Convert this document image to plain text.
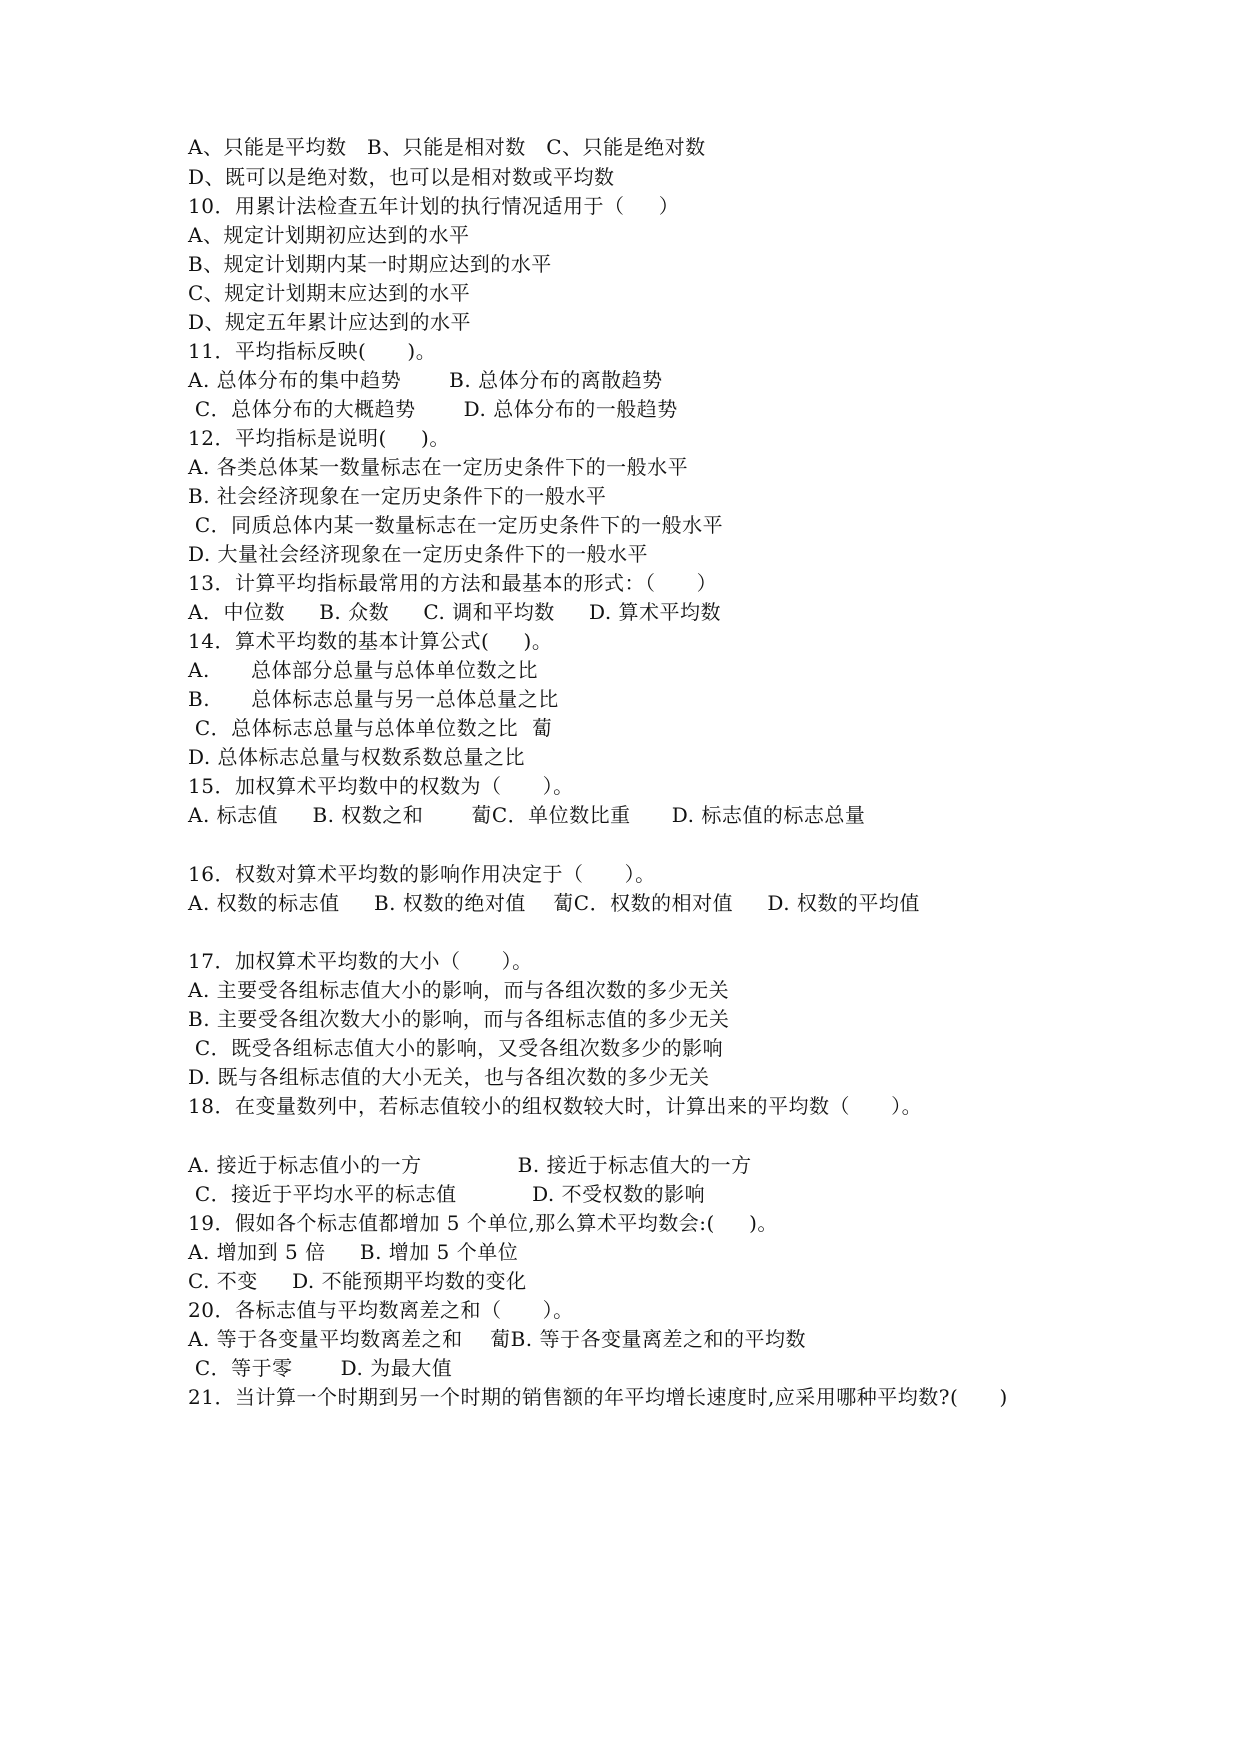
A、只能是平均数   B、只能是相对数   C、只能是绝对数
D、既可以是绝对数，也可以是相对数或平均数
10．用累计法检查五年计划的执行情况适用于（     ）
A、规定计划期初应达到的水平
B、规定计划期内某一时期应达到的水平
C、规定计划期末应达到的水平
D、规定五年累计应达到的水平
11．平均指标反映(      )。
A. 总体分布的集中趋势       B. 总体分布的离散趋势
C．总体分布的大概趋势       D. 总体分布的一般趋势
12．平均指标是说明(     )。
A. 各类总体某一数量标志在一定历史条件下的一般水平
B. 社会经济现象在一定历史条件下的一般水平
C．同质总体内某一数量标志在一定历史条件下的一般水平
D. 大量社会经济现象在一定历史条件下的一般水平
13．计算平均指标最常用的方法和最基本的形式：（      ）
A．中位数     B. 众数     C. 调和平均数     D. 算术平均数
14．算术平均数的基本计算公式(     )。
A.      总体部分总量与总体单位数之比
B.      总体标志总量与另一总体总量之比
C．总体标志总量与总体单位数之比  蔔
D. 总体标志总量与权数系数总量之比
15．加权算术平均数中的权数为（      ）。
A. 标志值     B. 权数之和       蔔C．单位数比重      D. 标志值的标志总量
16．权数对算术平均数的影响作用决定于（      ）。
A. 权数的标志值     B. 权数的绝对值    蔔C．权数的相对值     D. 权数的平均值
17．加权算术平均数的大小（      ）。
A. 主要受各组标志值大小的影响，而与各组次数的多少无关
B. 主要受各组次数大小的影响，而与各组标志值的多少无关
C．既受各组标志值大小的影响，又受各组次数多少的影响
D. 既与各组标志值的大小无关，也与各组次数的多少无关
18．在变量数列中，若标志值较小的组权数较大时，计算出来的平均数（      ）。
A. 接近于标志值小的一方              B. 接近于标志值大的一方
C．接近于平均水平的标志值           D. 不受权数的影响
19．假如各个标志值都增加 5 个单位,那么算术平均数会:(     )。
A. 增加到 5 倍     B. 增加 5 个单位
C. 不变     D. 不能预期平均数的变化
20．各标志值与平均数离差之和（      ）。
A. 等于各变量平均数离差之和    蔔B. 等于各变量离差之和的平均数
C．等于零       D. 为最大值
21．当计算一个时期到另一个时期的销售额的年平均增长速度时,应采用哪种平均数?(      )
